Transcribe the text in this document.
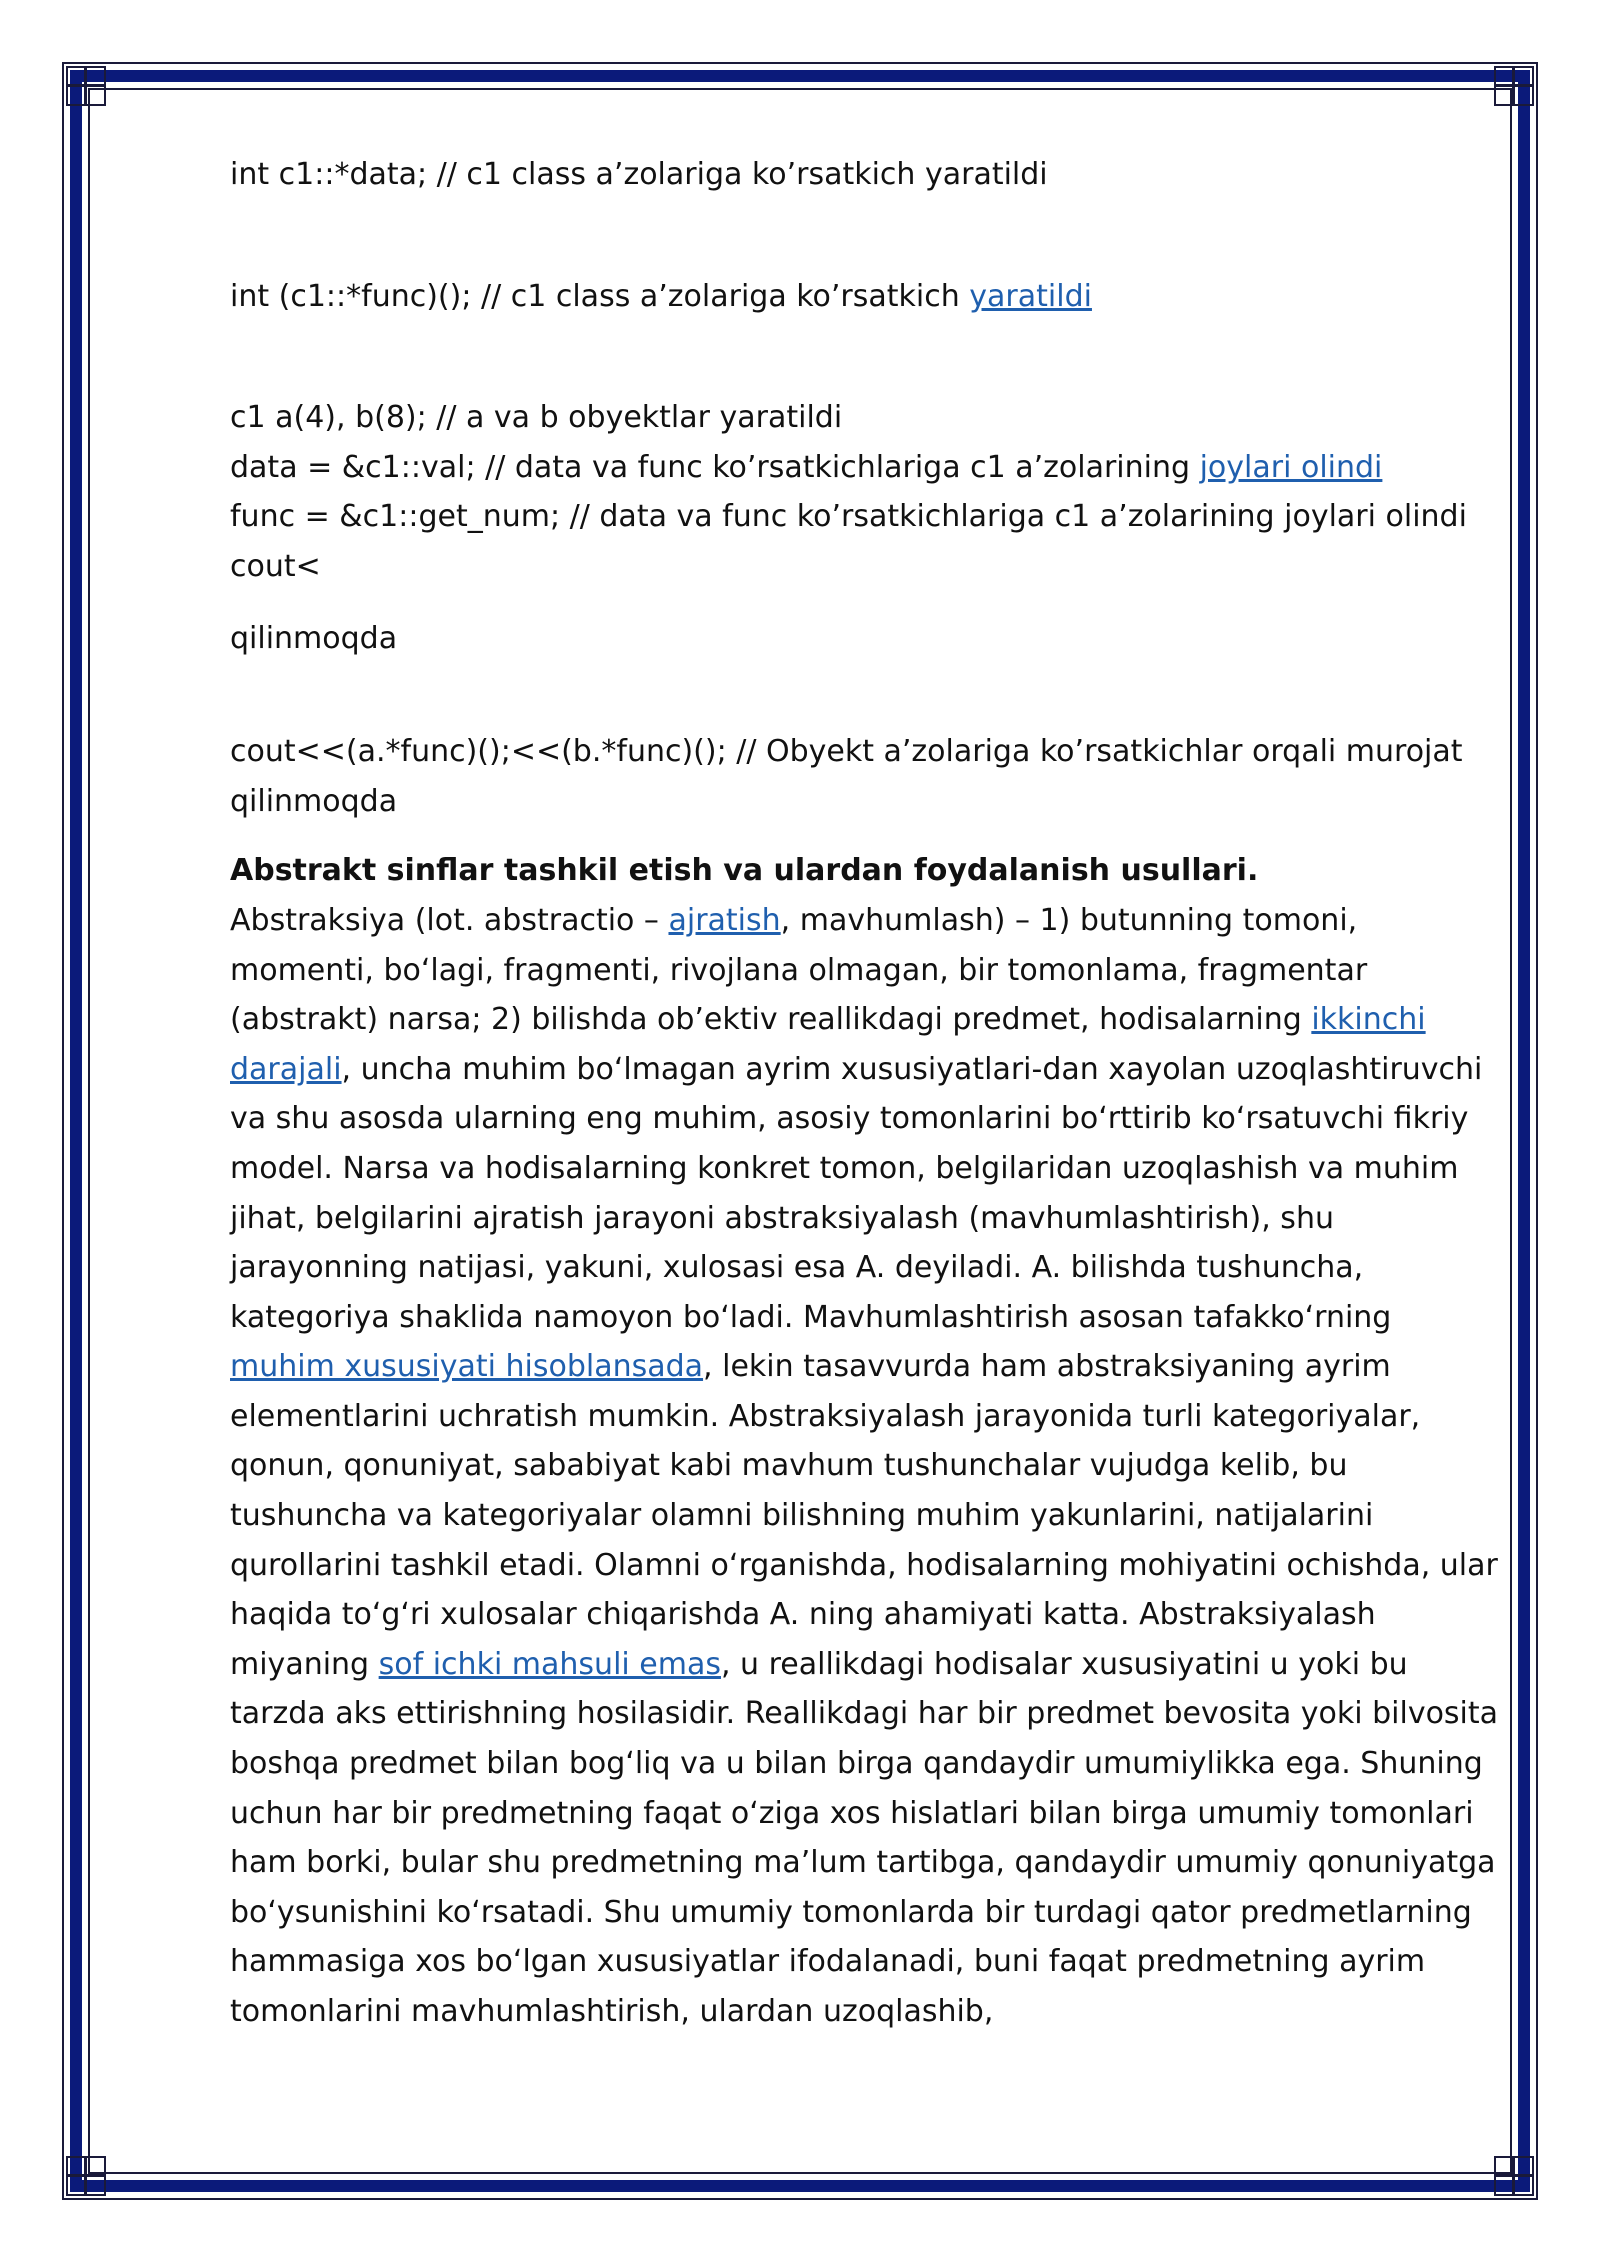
int c1::*data; // c1 class a’zolariga ko’rsatkich yaratildi

int (c1::*func)(); // c1 class a’zolariga ko’rsatkich yaratildi

c1 a(4), b(8); // a va b obyektlar yaratildi

data = &c1::val; // data va func ko’rsatkichlariga c1 a’zolarining joylari olindi

func = &c1::get_num; // data va func ko’rsatkichlariga c1 a’zolarining joylari olindi

cout<

qilinmoqda

cout<<(a.*func)();<<(b.*func)(); // Obyekt a’zolariga ko’rsatkichlar orqali murojat qilinmoqda

Abstrakt sinflar tashkil etish va ulardan foydalanish usullari.

Abstraksiya (lot. abstractio – ajratish, mavhumlash) – 1) butunning tomoni, momenti, bo‘lagi, fragmenti, rivojlana olmagan, bir tomonlama, fragmentar (abstrakt) narsa; 2) bilishda ob’ektiv reallikdagi predmet, hodisalarning ikkinchi darajali, uncha muhim bo‘lmagan ayrim xususiyatlari-dan xayolan uzoqlashtiruvchi va shu asosda ularning eng muhim, asosiy tomonlarini bo‘rttirib ko‘rsatuvchi fikriy model. Narsa va hodisalarning konkret tomon, belgilaridan uzoqlashish va muhim jihat, belgilarini ajratish jarayoni abstraksiyalash (mavhumlashtirish), shu jarayonning natijasi, yakuni, xulosasi esa A. deyiladi. A. bilishda tushuncha, kategoriya shaklida namoyon bo‘ladi. Mavhumlashtirish asosan tafakko‘rning muhim xususiyati hisoblansada, lekin tasavvurda ham abstraksiyaning ayrim elementlarini uchratish mumkin. Abstraksiyalash jarayonida turli kategoriyalar, qonun, qonuniyat, sababiyat kabi mavhum tushunchalar vujudga kelib, bu tushuncha va kategoriyalar olamni bilishning muhim yakunlarini, natijalarini qurollarini tashkil etadi. Olamni o‘rganishda, hodisalarning mohiyatini ochishda, ular haqida to‘g‘ri xulosalar chiqarishda A. ning ahamiyati katta. Abstraksiyalash miyaning sof ichki mahsuli emas, u reallikdagi hodisalar xususiyatini u yoki bu tarzda aks ettirishning hosilasidir. Reallikdagi har bir predmet bevosita yoki bilvosita boshqa predmet bilan bog‘liq va u bilan birga qandaydir umumiylikka ega. Shuning uchun har bir predmetning faqat o‘ziga xos hislatlari bilan birga umumiy tomonlari ham borki, bular shu predmetning ma’lum tartibga, qandaydir umumiy qonuniyatga bo‘ysunishini ko‘rsatadi. Shu umumiy tomonlarda bir turdagi qator predmetlarning hammasiga xos bo‘lgan xususiyatlar ifodalanadi, buni faqat predmetning ayrim tomonlarini mavhumlashtirish, ulardan uzoqlashib,
